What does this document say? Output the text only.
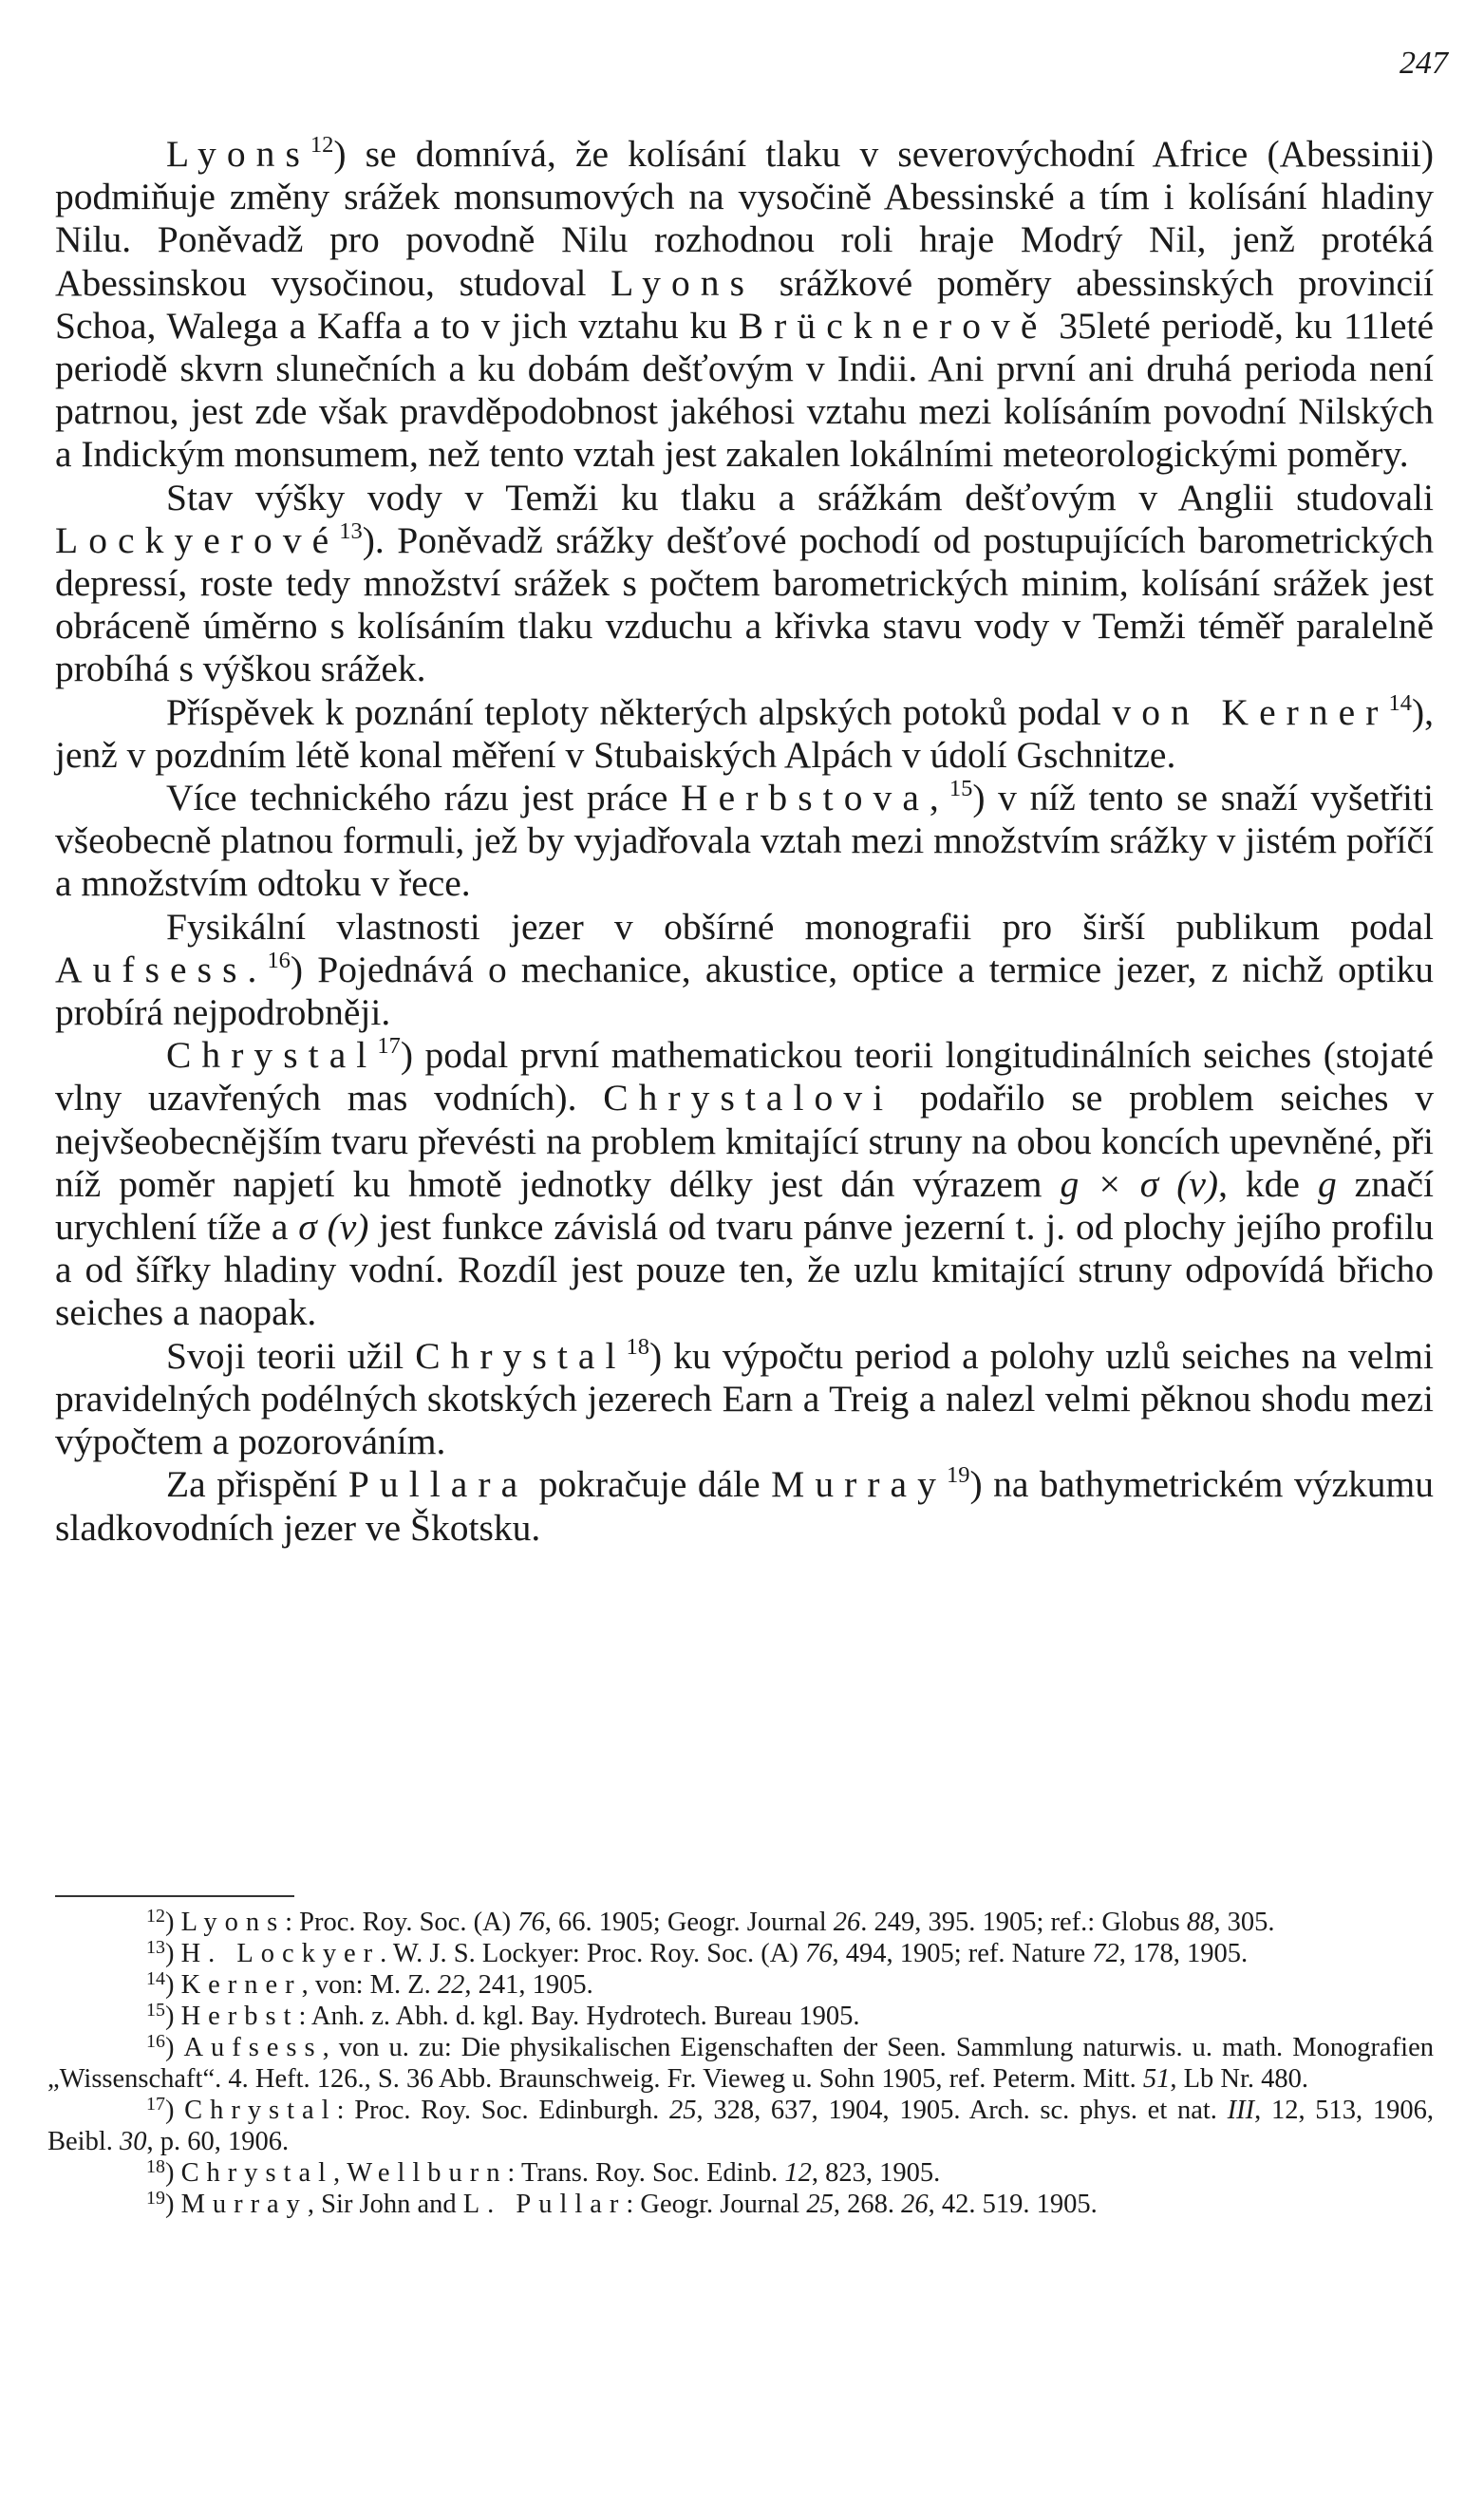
247

Lyons$^{12}$) se domnívá, že kolísání tlaku v severovýchodní Africe (Abessinii) podmiňuje změny srážek monsumových na vysočině Abessinské a tím i kolísání hladiny Nilu. Poněvadž pro povodně Nilu rozhodnou roli hraje Modrý Nil, jenž protéká Abessinskou vysočinou, studoval Lyons srážkové poměry abessinských provincií Schoa, Walega a Kaffa a to v jich vztahu ku Brücknerově 35leté periodě, ku 11leté periodě skvrn slunečních a ku dobám dešťovým v Indii. Ani první ani druhá perioda není patrnou, jest zde však pravděpodobnost jakéhosi vztahu mezi kolísáním povodní Nilských a Indickým monsumem, než tento vztah jest zakalen lokálními meteorologickými poměry.

Stav výšky vody v Temži ku tlaku a srážkám dešťovým v Anglii studovali Lockyerové$^{13}$). Poněvadž srážky dešťové pochodí od postupujících barometrických depressí, roste tedy množství srážek s počtem barometrických minim, kolísání srážek jest obráceně úměrno s kolísáním tlaku vzduchu a křivka stavu vody v Temži téměř paralelně probíhá s výškou srážek.

Příspěvek k poznání teploty některých alpských potoků podal von Kerner$^{14}$), jenž v pozdním létě konal měření v Stubaiských Alpách v údolí Gschnitze.

Více technického rázu jest práce Herbstova,$^{15}$) v níž tento se snaží vyšetřiti všeobecně platnou formuli, jež by vyjadřovala vztah mezi množstvím srážky v jistém poříčí a množstvím odtoku v řece.

Fysikální vlastnosti jezer v obšírné monografii pro širší publikum podal Aufsess.$^{16}$) Pojednává o mechanice, akustice, optice a termice jezer, z nichž optiku probírá nejpodrobněji.

Chrystal$^{17}$) podal první mathematickou teorii longitudinálních seiches (stojaté vlny uzavřených mas vodních). Chrystalovi podařilo se problem seiches v nejvšeobecnějším tvaru převésti na problem kmitající struny na obou koncích upevněné, při níž poměr napjetí ku hmotě jednotky délky jest dán výrazem g × σ (v), kde g značí urychlení tíže a σ (v) jest funkce závislá od tvaru pánve jezerní t. j. od plochy jejího profilu a od šířky hladiny vodní. Rozdíl jest pouze ten, že uzlu kmitající struny odpovídá břicho seiches a naopak.

Svoji teorii užil Chrystal$^{18}$) ku výpočtu period a polohy uzlů seiches na velmi pravidelných podélných skotských jezerech Earn a Treig a nalezl velmi pěknou shodu mezi výpočtem a pozorováním.

Za přispění Pullara pokračuje dále Murray$^{19}$) na bathymetrickém výzkumu sladkovodních jezer ve Škotsku.

$^{12}$) Lyons: Proc. Roy. Soc. (A) 76, 66. 1905; Geogr. Journal 26. 249, 395. 1905; ref.: Globus 88, 305.

$^{13}$) H. Lockyer. W. J. S. Lockyer: Proc. Roy. Soc. (A) 76, 494, 1905; ref. Nature 72, 178, 1905.

$^{14}$) Kerner, von: M. Z. 22, 241, 1905.

$^{15}$) Herbst: Anh. z. Abh. d. kgl. Bay. Hydrotech. Bureau 1905.

$^{16}$) Aufsess, von u. zu: Die physikalischen Eigenschaften der Seen. Sammlung naturwis. u. math. Monografien „Wissenschaft“. 4. Heft. 126., S. 36 Abb. Braunschweig. Fr. Vieweg u. Sohn 1905, ref. Peterm. Mitt. 51, Lb Nr. 480.

$^{17}$) Chrystal: Proc. Roy. Soc. Edinburgh. 25, 328, 637, 1904, 1905. Arch. sc. phys. et nat. III, 12, 513, 1906, Beibl. 30, p. 60, 1906.

$^{18}$) Chrystal, Wellburn: Trans. Roy. Soc. Edinb. 12, 823, 1905.

$^{19}$) Murray, Sir John and L. Pullar: Geogr. Journal 25, 268. 26, 42. 519. 1905.
